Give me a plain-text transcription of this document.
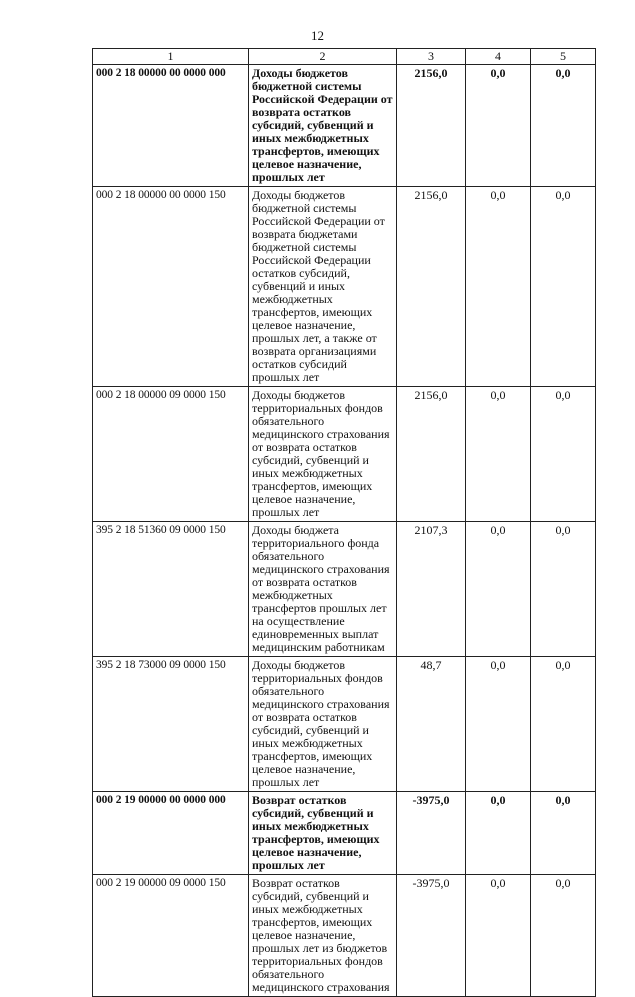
12
1	2	3	4	5
000 2 18 00000 00 0000 000	Доходы бюджетов бюджетной системы Российской Федерации от возврата остатков субсидий, субвенций и иных межбюджетных трансфертов, имеющих целевое назначение, прошлых лет	2156,0	0,0	0,0
000 2 18 00000 00 0000 150	Доходы бюджетов бюджетной системы Российской Федерации от возврата бюджетами бюджетной системы Российской Федерации остатков субсидий, субвенций и иных межбюджетных трансфертов, имеющих целевое назначение, прошлых лет, а также от возврата организациями остатков субсидий прошлых лет	2156,0	0,0	0,0
000 2 18 00000 09 0000 150	Доходы бюджетов территориальных фондов обязательного медицинского страхования от возврата остатков субсидий, субвенций и иных межбюджетных трансфертов, имеющих целевое назначение, прошлых лет	2156,0	0,0	0,0
395 2 18 51360 09 0000 150	Доходы бюджета территориального фонда обязательного медицинского страхования от возврата остатков межбюджетных трансфертов прошлых лет на осуществление единовременных выплат медицинским работникам	2107,3	0,0	0,0
395 2 18 73000 09 0000 150	Доходы бюджетов территориальных фондов обязательного медицинского страхования от возврата остатков субсидий, субвенций и иных межбюджетных трансфертов, имеющих целевое назначение, прошлых лет	48,7	0,0	0,0
000 2 19 00000 00 0000 000	Возврат остатков субсидий, субвенций и иных межбюджетных трансфертов, имеющих целевое назначение, прошлых лет	-3975,0	0,0	0,0
000 2 19 00000 09 0000 150	Возврат остатков субсидий, субвенций и иных межбюджетных трансфертов, имеющих целевое назначение, прошлых лет из бюджетов территориальных фондов обязательного медицинского страхования	-3975,0	0,0	0,0
